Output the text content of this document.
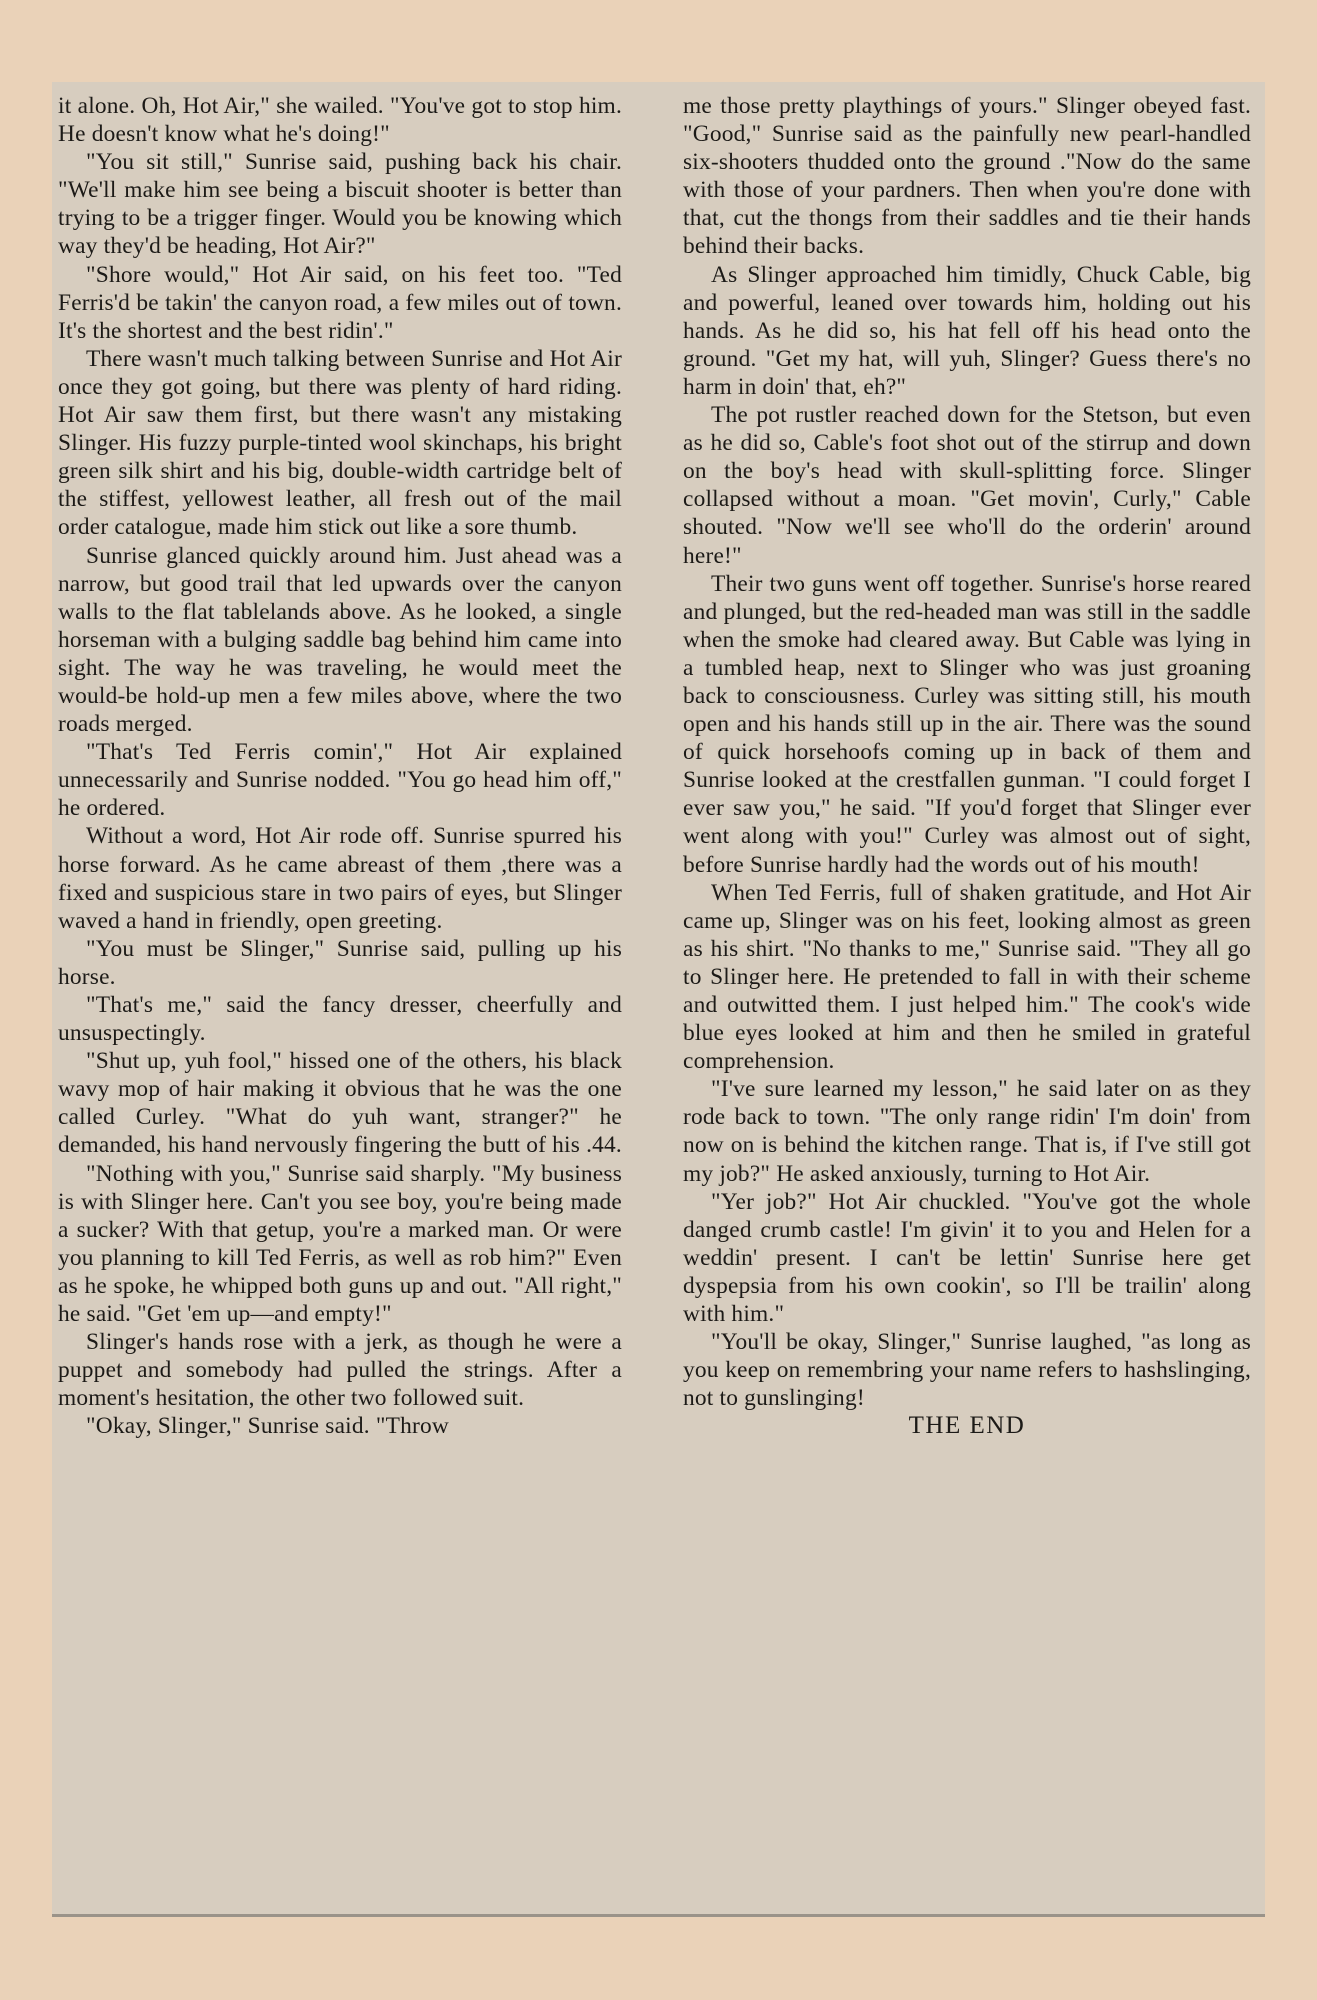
it alone. Oh, Hot Air," she wailed. "You've got to stop him. He doesn't know what he's doing!"

"You sit still," Sunrise said, pushing back his chair. "We'll make him see being a biscuit shooter is better than trying to be a trigger finger. Would you be knowing which way they'd be heading, Hot Air?"

"Shore would," Hot Air said, on his feet too. "Ted Ferris'd be takin' the canyon road, a few miles out of town. It's the shortest and the best ridin'."

There wasn't much talking between Sunrise and Hot Air once they got going, but there was plenty of hard riding. Hot Air saw them first, but there wasn't any mistaking Slinger. His fuzzy purple-tinted wool skinchaps, his bright green silk shirt and his big, double-width cartridge belt of the stiffest, yellowest leather, all fresh out of the mail order catalogue, made him stick out like a sore thumb.

Sunrise glanced quickly around him. Just ahead was a narrow, but good trail that led upwards over the canyon walls to the flat tablelands above. As he looked, a single horseman with a bulging saddle bag behind him came into sight. The way he was traveling, he would meet the would-be hold-up men a few miles above, where the two roads merged.

"That's Ted Ferris comin'," Hot Air explained unnecessarily and Sunrise nodded. "You go head him off," he ordered.

Without a word, Hot Air rode off. Sunrise spurred his horse forward. As he came abreast of them ,there was a fixed and suspicious stare in two pairs of eyes, but Slinger waved a hand in friendly, open greeting.

"You must be Slinger," Sunrise said, pulling up his horse.

"That's me," said the fancy dresser, cheerfully and unsuspectingly.

"Shut up, yuh fool," hissed one of the others, his black wavy mop of hair making it obvious that he was the one called Curley. "What do yuh want, stranger?" he demanded, his hand nervously fingering the butt of his .44.

"Nothing with you," Sunrise said sharply. "My business is with Slinger here. Can't you see boy, you're being made a sucker? With that getup, you're a marked man. Or were you planning to kill Ted Ferris, as well as rob him?" Even as he spoke, he whipped both guns up and out. "All right," he said. "Get 'em up—and empty!"

Slinger's hands rose with a jerk, as though he were a puppet and somebody had pulled the strings. After a moment's hesitation, the other two followed suit.

"Okay, Slinger," Sunrise said. "Throw

me those pretty playthings of yours." Slinger obeyed fast. "Good," Sunrise said as the painfully new pearl-handled six-shooters thudded onto the ground ."Now do the same with those of your pardners. Then when you're done with that, cut the thongs from their saddles and tie their hands behind their backs.

As Slinger approached him timidly, Chuck Cable, big and powerful, leaned over towards him, holding out his hands. As he did so, his hat fell off his head onto the ground. "Get my hat, will yuh, Slinger? Guess there's no harm in doin' that, eh?"

The pot rustler reached down for the Stetson, but even as he did so, Cable's foot shot out of the stirrup and down on the boy's head with skull-splitting force. Slinger collapsed without a moan. "Get movin', Curly," Cable shouted. "Now we'll see who'll do the orderin' around here!"

Their two guns went off together. Sunrise's horse reared and plunged, but the red-headed man was still in the saddle when the smoke had cleared away. But Cable was lying in a tumbled heap, next to Slinger who was just groaning back to consciousness. Curley was sitting still, his mouth open and his hands still up in the air. There was the sound of quick horsehoofs coming up in back of them and Sunrise looked at the crestfallen gunman. "I could forget I ever saw you," he said. "If you'd forget that Slinger ever went along with you!" Curley was almost out of sight, before Sunrise hardly had the words out of his mouth!

When Ted Ferris, full of shaken gratitude, and Hot Air came up, Slinger was on his feet, looking almost as green as his shirt. "No thanks to me," Sunrise said. "They all go to Slinger here. He pretended to fall in with their scheme and outwitted them. I just helped him." The cook's wide blue eyes looked at him and then he smiled in grateful comprehension.

"I've sure learned my lesson," he said later on as they rode back to town. "The only range ridin' I'm doin' from now on is behind the kitchen range. That is, if I've still got my job?" He asked anxiously, turning to Hot Air.

"Yer job?" Hot Air chuckled. "You've got the whole danged crumb castle! I'm givin' it to you and Helen for a weddin' present. I can't be lettin' Sunrise here get dyspepsia from his own cookin', so I'll be trailin' along with him."

"You'll be okay, Slinger," Sunrise laughed, "as long as you keep on remembring your name refers to hashslinging, not to gunslinging!

THE END
